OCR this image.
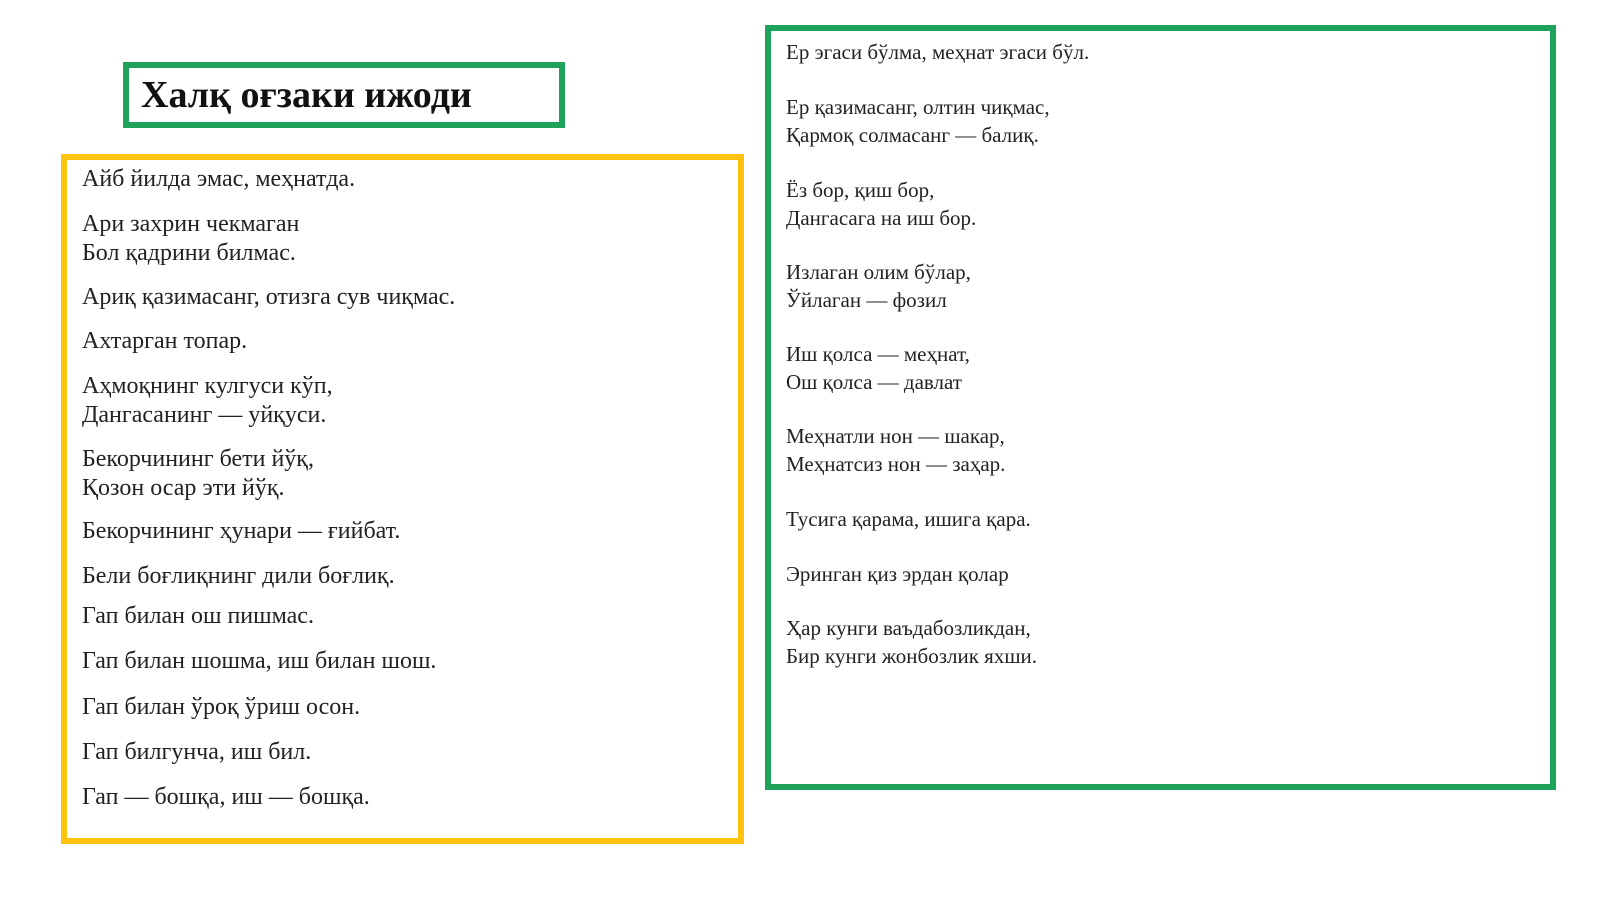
Халқ оғзаки ижоди
Айб йилда эмас, меҳнатда.
Ари захрин чекмаган
Бол қадрини билмас.
Ариқ қазимасанг, отизга сув чиқмас.
Ахтарган топар.
Аҳмоқнинг кулгуси кўп,
Дангасанинг — уйқуси.
Бекорчининг бети йўқ,
Қозон осар эти йўқ.
Бекорчининг ҳунари — ғийбат.
Бели боғлиқнинг дили боғлиқ.
Гап билан ош пишмас.
Гап билан шошма, иш билан шош.
Гап билан ўроқ ўриш осон.
Гап билгунча, иш бил.
Гап — бошқа, иш — бошқа.
Ер эгаси бўлма, меҳнат эгаси бўл.
Ер қазимасанг, олтин чиқмас,
Қармоқ солмасанг — балиқ.
Ёз бор, қиш бор,
Дангасага на иш бор.
Излаган олим бўлар,
Ўйлаган — фозил
Иш қолса — меҳнат,
Ош қолса — давлат
Меҳнатли нон — шакар,
Меҳнатсиз нон — заҳар.
Тусига қарама, ишига қара.
Эринган қиз эрдан қолар
Ҳар кунги ваъдабозликдан,
Бир кунги жонбозлик яхши.
